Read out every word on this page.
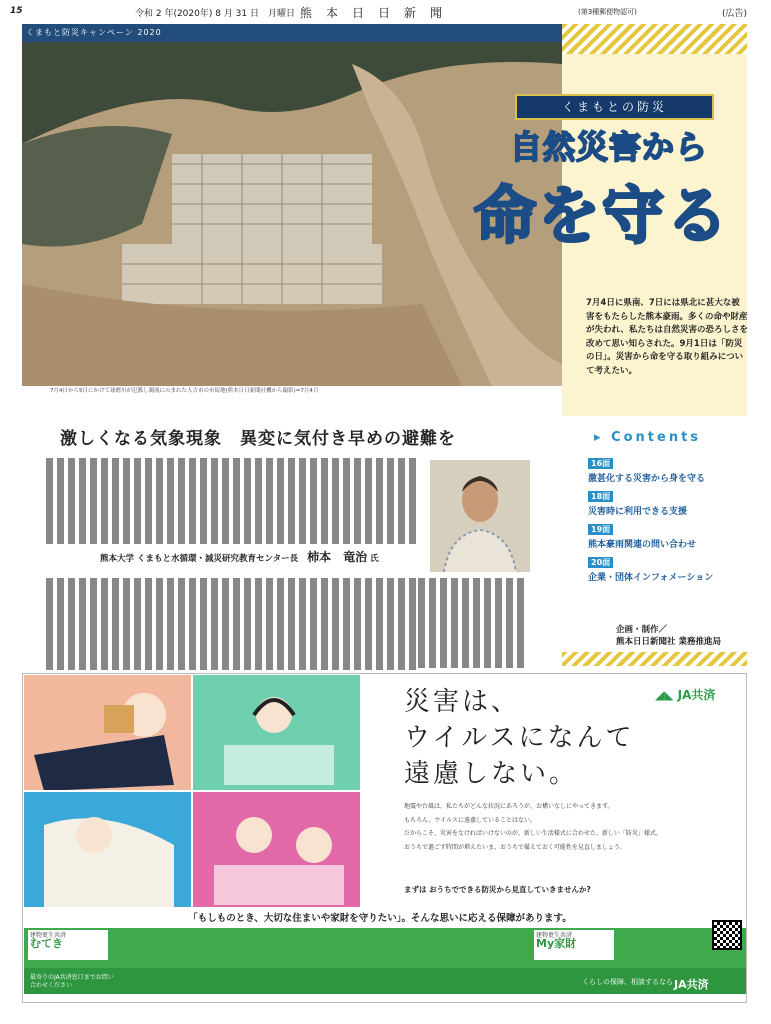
15	令和 2 年(2020年) 8 月 31 日　月曜日 熊本日日新聞	(第3種郵便物認可)	(広告)
くまもと防災キャンペーン 2020
7月4日から5日にかけて球磨川が氾濫し濁流にのまれた人吉市の市街地(熊本日日新聞社機から撮影)=7月4日
くまもとの防災
自然災害から
命を守る
7月4日に県南、7日には県北に甚大な被害をもたらした熊本豪雨。多くの命や財産が失われ、私たちは自然災害の恐ろしさを改めて思い知らされた。9月1日は「防災の日」。災害から命を守る取り組みについて考えたい。
激しくなる気象現象　異変に気付き早めの避難を
熊本大学 くまもと水循環・減災研究教育センター長 柿本　竜治 氏
▸ Contents
16面
激甚化する災害から身を守る
18面
災害時に利用できる支援
19面
熊本豪雨関連の問い合わせ
20面
企業・団体インフォメーション
企画・制作／
熊本日日新聞社 業務推進局
◢◣ JA共済
災害は、
ウイルスになんて
遠慮しない。
地震や台風は、私たちがどんな状況にあろうが、お構いなしにやってきます。
もちろん、ウイルスに遠慮していることはない。
だからこそ、災害をなければいけないのが、新しい生活様式に合わせた、新しい「防災」様式。
おうちで過ごす時間が増えたいま、おうちで備えておく可能性を見直しましょう。
まずは おうちでできる防災から見直していきませんか?
「もしものとき、大切な住まいや家財を守りたい」。そんな思いに応える保障があります。
建物更生共済
むてき
建物更生共済
My家財
最寄りのJA共済窓口までお問い合わせください	くらしの保障、相談するなら JA共済
